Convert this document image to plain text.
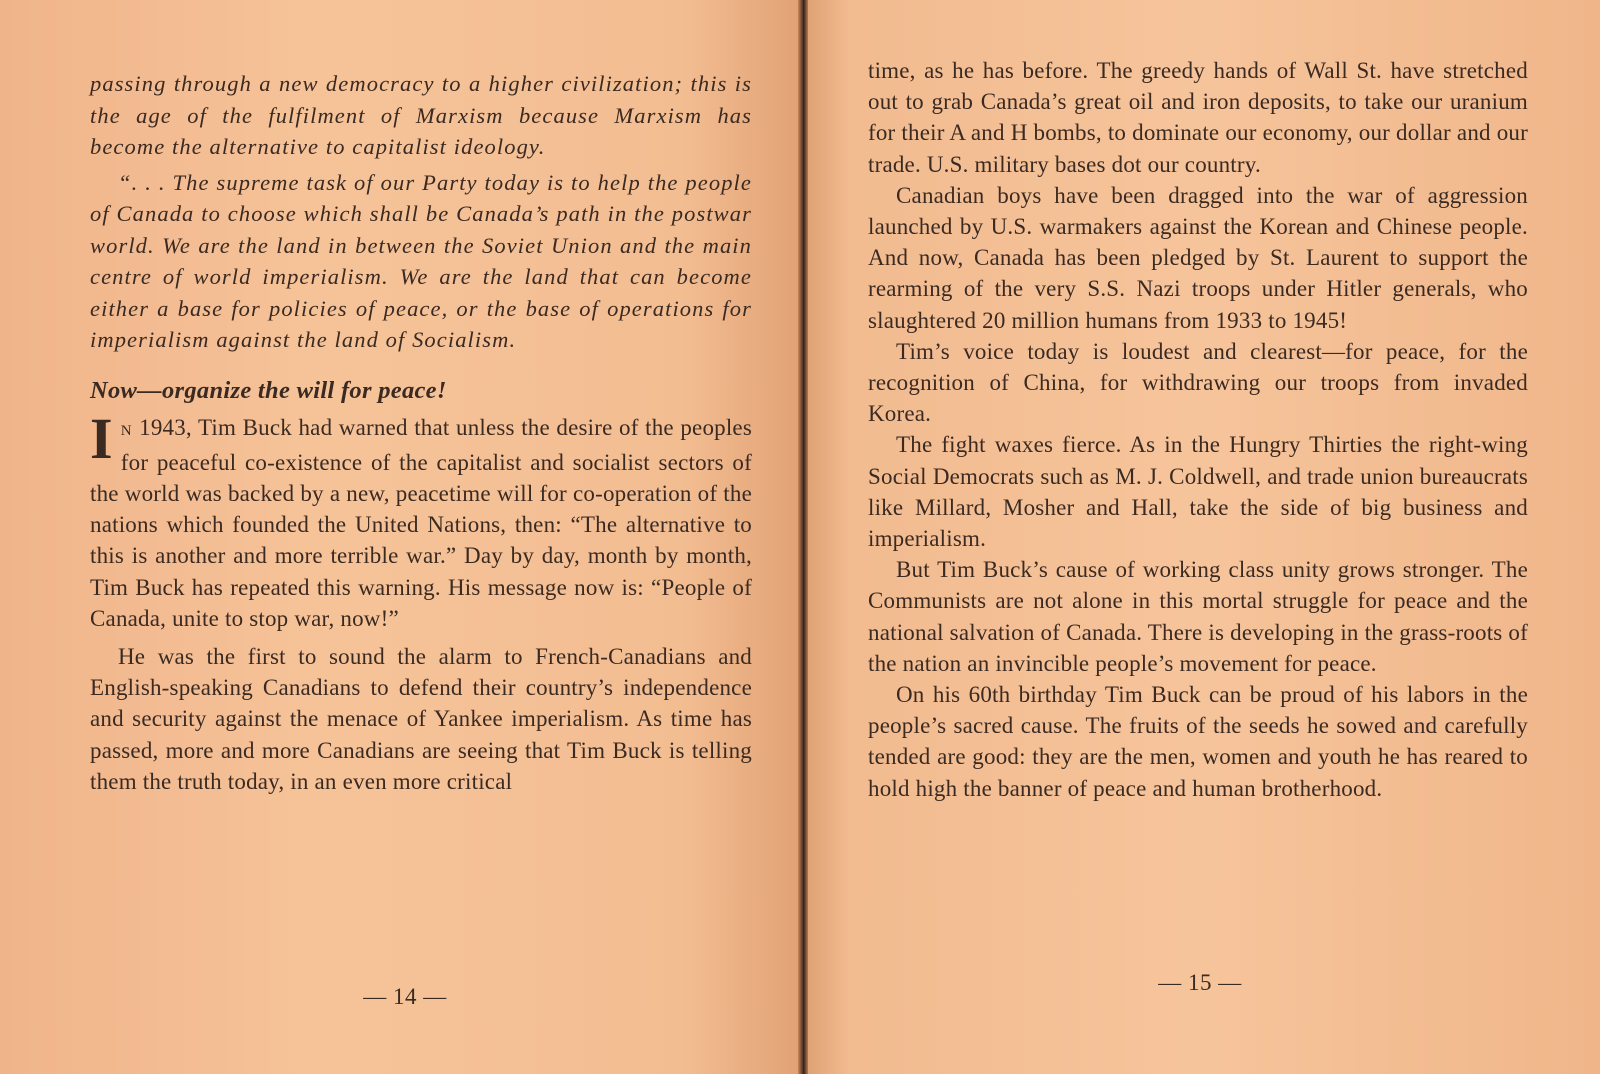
passing through a new democracy to a higher civilization; this is the age of the fulfilment of Marxism because Marxism has become the alternative to capitalist ideology.

“. . . The supreme task of our Party today is to help the people of Canada to choose which shall be Canada’s path in the postwar world. We are the land in between the Soviet Union and the main centre of world imperialism. We are the land that can become either a base for policies of peace, or the base of operations for imperialism against the land of Socialism.

Now—organize the will for peace!

I N 1943, Tim Buck had warned that unless the desire of the peoples for peaceful co-existence of the capitalist and socialist sectors of the world was backed by a new, peacetime will for co-operation of the nations which founded the United Nations, then: “The alternative to this is another and more terrible war.” Day by day, month by month, Tim Buck has repeated this warning. His message now is: “People of Canada, unite to stop war, now!”

He was the first to sound the alarm to French-Canadians and English-speaking Canadians to defend their country’s independence and security against the menace of Yankee imperialism. As time has passed, more and more Canadians are seeing that Tim Buck is telling them the truth today, in an even more critical

— 14 —

time, as he has before. The greedy hands of Wall St. have stretched out to grab Canada’s great oil and iron deposits, to take our uranium for their A and H bombs, to dominate our economy, our dollar and our trade. U.S. military bases dot our country.

Canadian boys have been dragged into the war of aggression launched by U.S. warmakers against the Korean and Chinese people. And now, Canada has been pledged by St. Laurent to support the rearming of the very S.S. Nazi troops under Hitler generals, who slaughtered 20 million humans from 1933 to 1945!

Tim’s voice today is loudest and clearest—for peace, for the recognition of China, for withdrawing our troops from invaded Korea.

The fight waxes fierce. As in the Hungry Thirties the right-wing Social Democrats such as M. J. Coldwell, and trade union bureaucrats like Millard, Mosher and Hall, take the side of big business and imperialism.

But Tim Buck’s cause of working class unity grows stronger. The Communists are not alone in this mortal struggle for peace and the national salvation of Canada. There is developing in the grass-roots of the nation an invincible people’s movement for peace.

On his 60th birthday Tim Buck can be proud of his labors in the people’s sacred cause. The fruits of the seeds he sowed and carefully tended are good: they are the men, women and youth he has reared to hold high the banner of peace and human brotherhood.

— 15 —
